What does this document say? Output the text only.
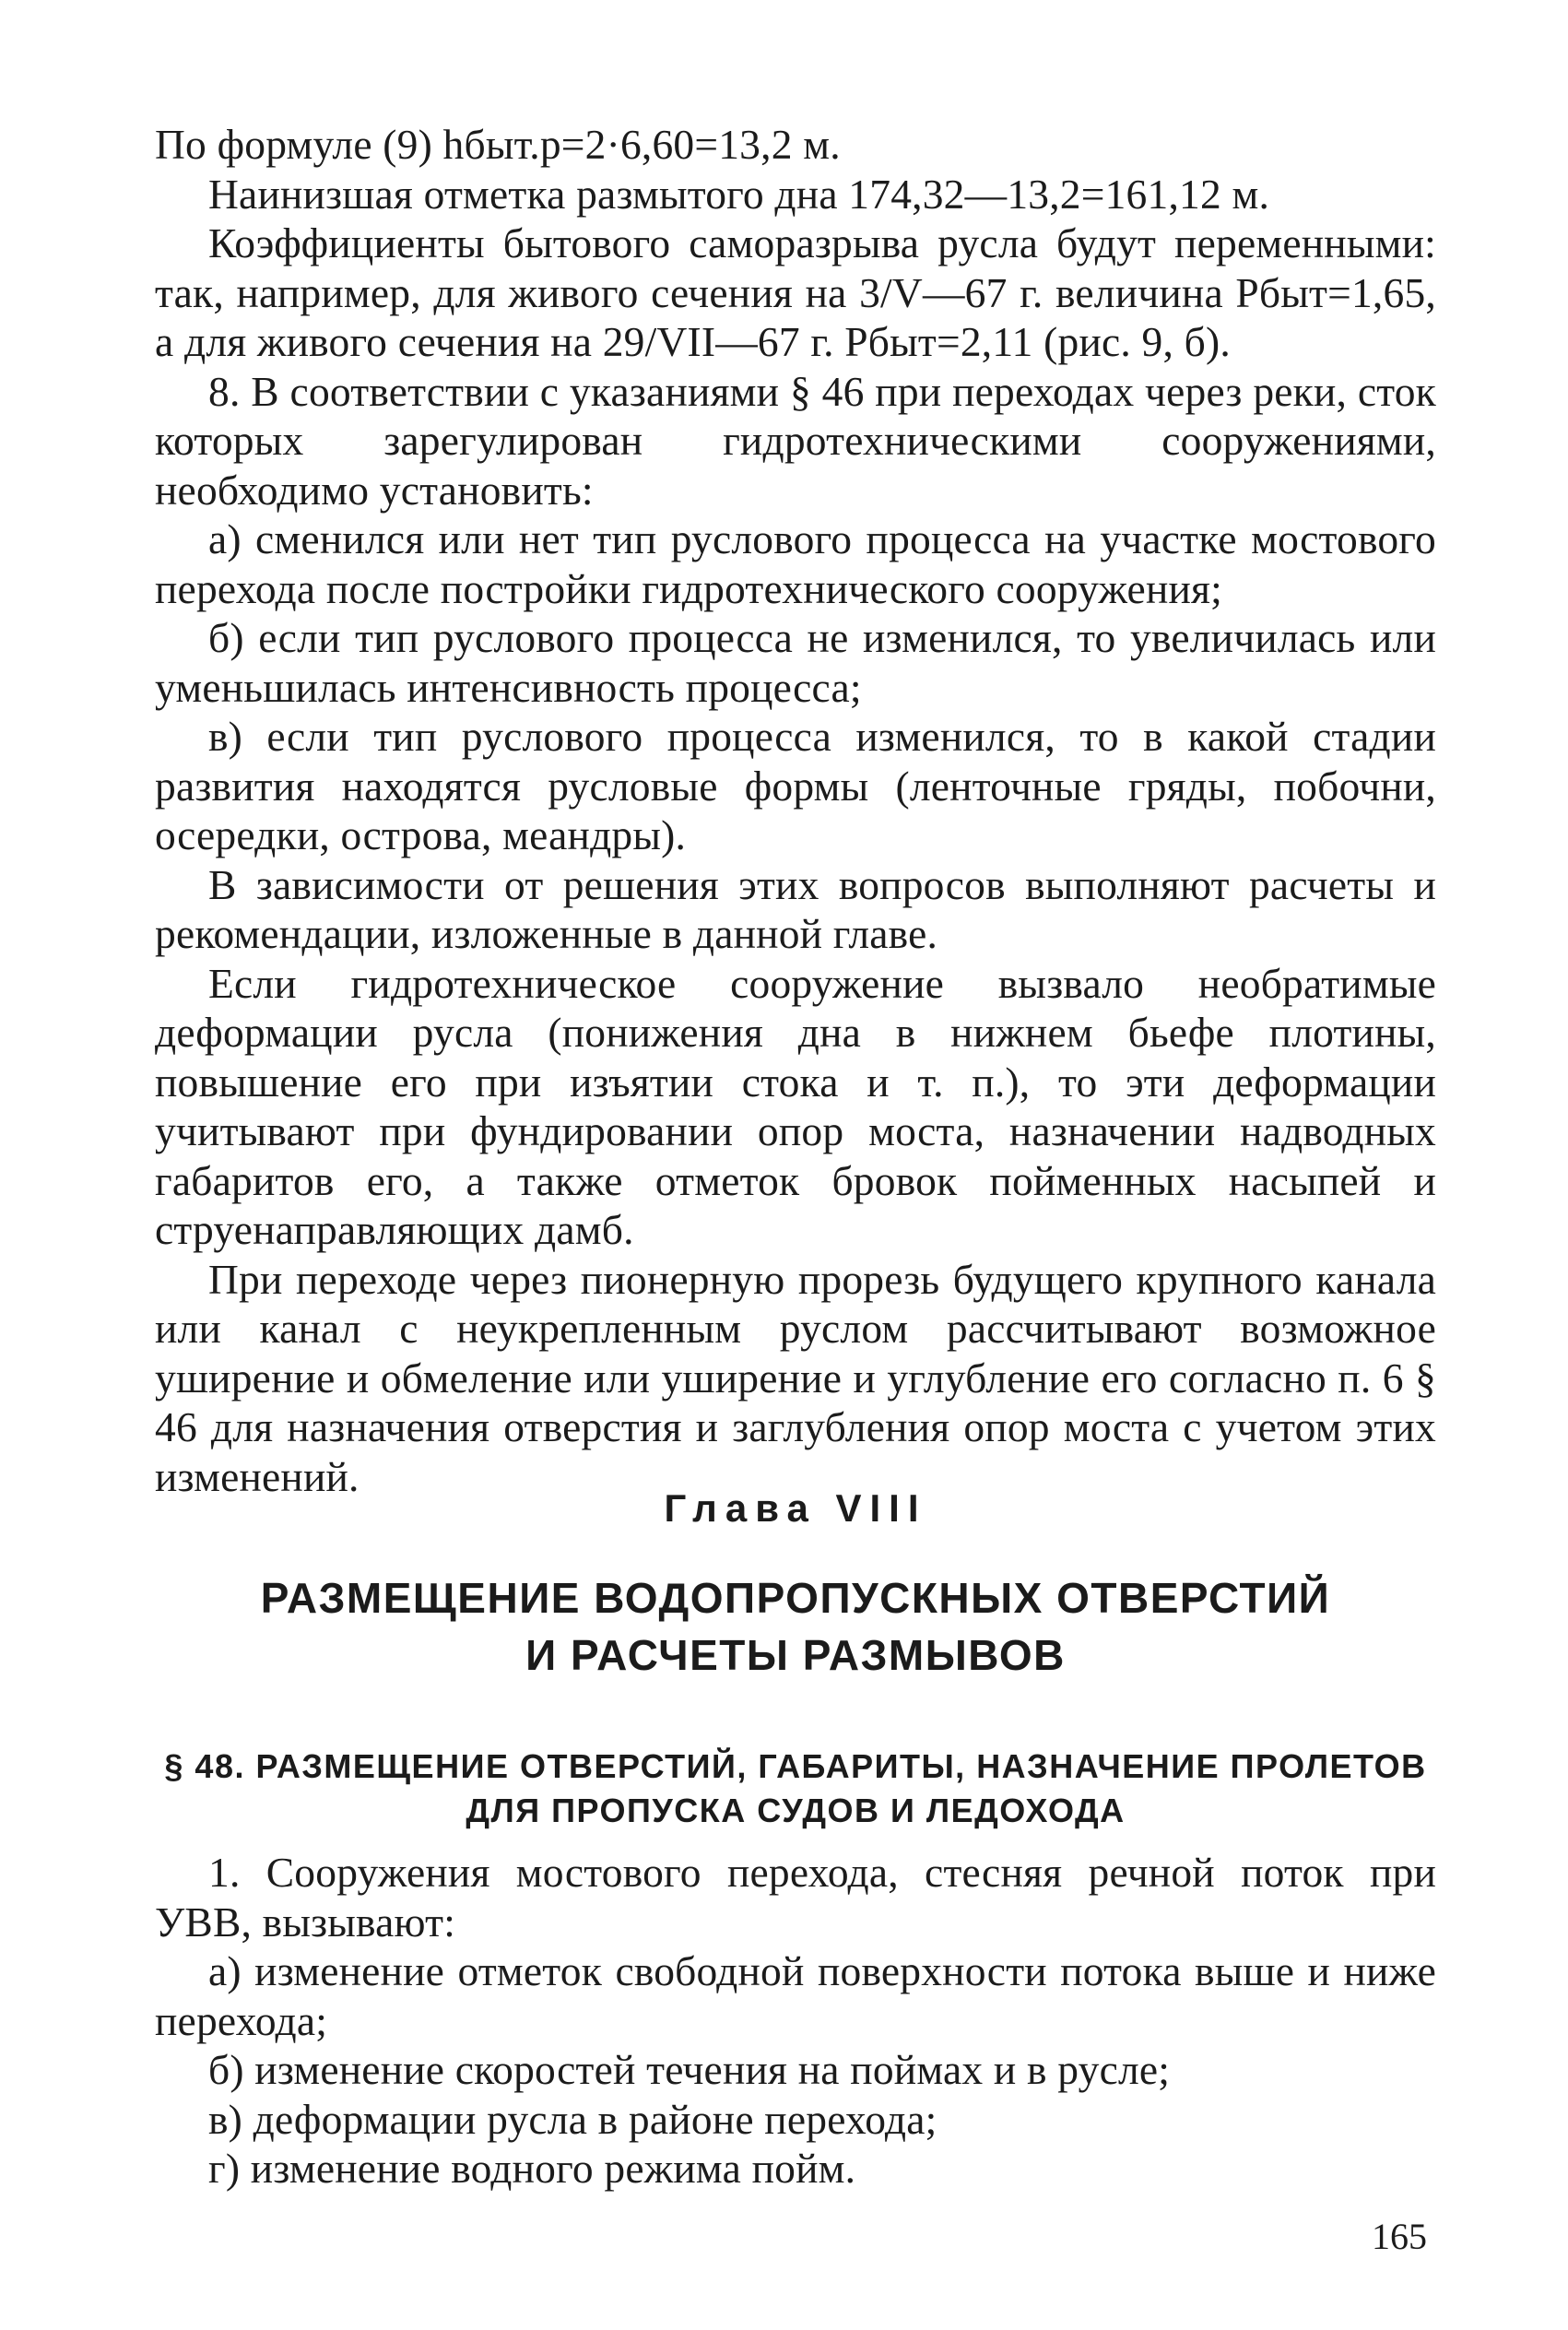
По формуле (9) hбыт.р=2·6,60=13,2 м.

Наинизшая отметка размытого дна 174,32—13,2=161,12 м.

Коэффициенты бытового саморазрыва русла будут переменными: так, например, для живого сечения на 3/V—67 г. величина Pбыт=1,65, а для живого сечения на 29/VII—67 г. Pбыт=2,11 (рис. 9, б).

8. В соответствии с указаниями § 46 при переходах через реки, сток которых зарегулирован гидротехническими сооружениями, необходимо установить:

а) сменился или нет тип руслового процесса на участке мостового перехода после постройки гидротехнического сооружения;

б) если тип руслового процесса не изменился, то увеличилась или уменьшилась интенсивность процесса;

в) если тип руслового процесса изменился, то в какой стадии развития находятся русловые формы (ленточные гряды, побочни, осередки, острова, меандры).

В зависимости от решения этих вопросов выполняют расчеты и рекомендации, изложенные в данной главе.

Если гидротехническое сооружение вызвало необратимые деформации русла (понижения дна в нижнем бьефе плотины, повышение его при изъятии стока и т. п.), то эти деформации учитывают при фундировании опор моста, назначении надводных габаритов его, а также отметок бровок пойменных насыпей и струенаправляющих дамб.

При переходе через пионерную прорезь будущего крупного канала или канал с неукрепленным руслом рассчитывают возможное уширение и обмеление или уширение и углубление его согласно п. 6 § 46 для назначения отверстия и заглубления опор моста с учетом этих изменений.

Глава VIII
РАЗМЕЩЕНИЕ ВОДОПРОПУСКНЫХ ОТВЕРСТИЙ
И РАСЧЕТЫ РАЗМЫВОВ
§ 48. РАЗМЕЩЕНИЕ ОТВЕРСТИЙ, ГАБАРИТЫ, НАЗНАЧЕНИЕ ПРОЛЕТОВ
ДЛЯ ПРОПУСКА СУДОВ И ЛЕДОХОДА

1. Сооружения мостового перехода, стесняя речной поток при УВВ, вызывают:

а) изменение отметок свободной поверхности потока выше и ниже перехода;

б) изменение скоростей течения на поймах и в русле;

в) деформации русла в районе перехода;

г) изменение водного режима пойм.

165
